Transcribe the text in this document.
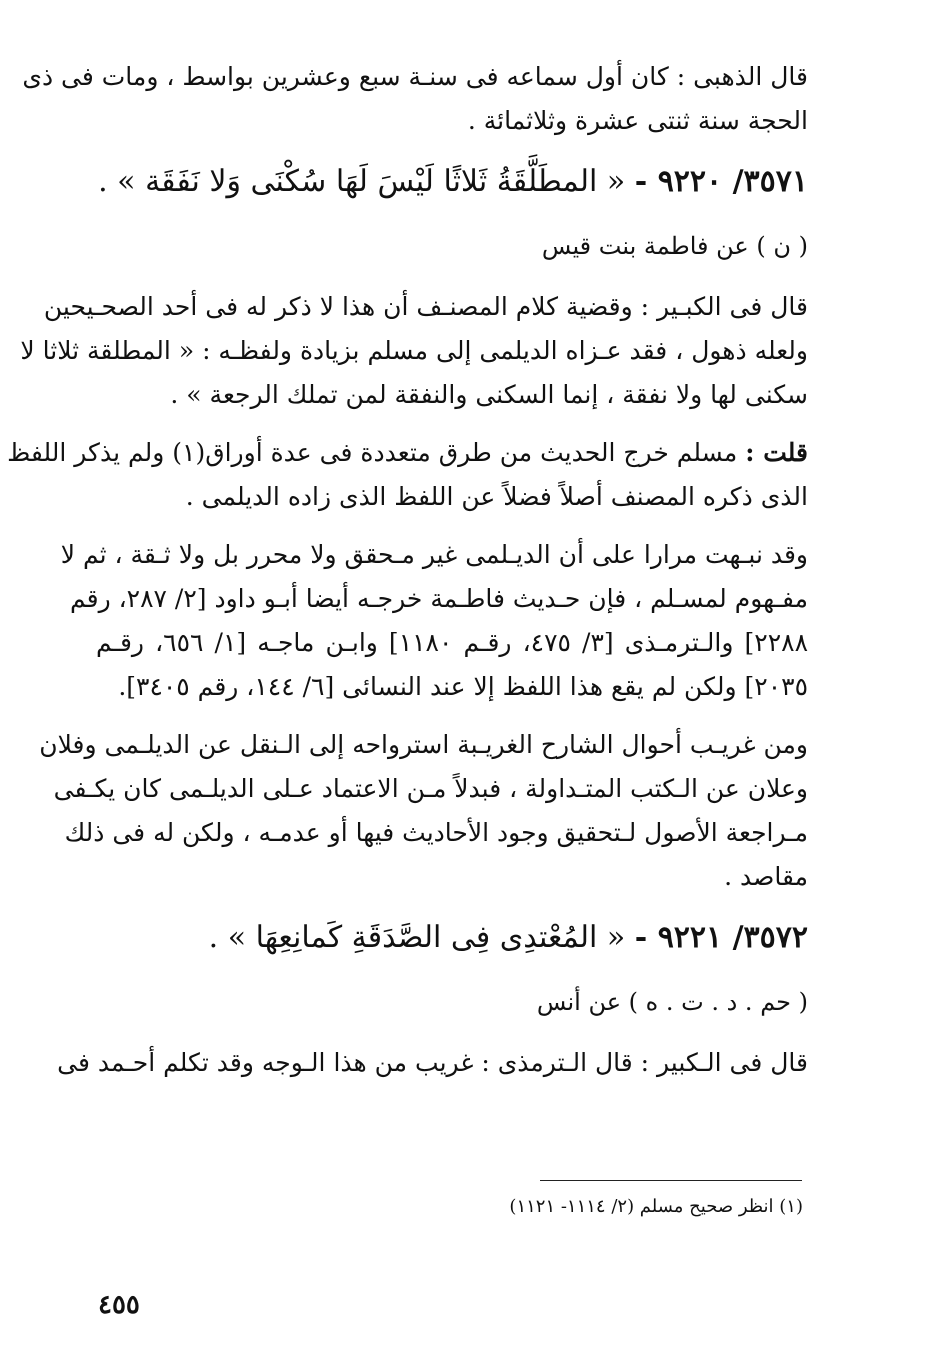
قال الذهبى : كان أول سماعه فى سنـة سبع وعشرين بواسط ، ومات فى ذى
الحجة سنة ثنتى عشرة وثلاثمائة .
٣٥٧١/ ٩٢٢٠ - « المطَلَّقَةُ ثَلاثًا لَيْسَ لَهَا سُكْنَى وَلا نَفَقَة » .
( ن ) عن فاطمة بنت قيس
قال فى الكبـير : وقضية كلام المصنـف أن هذا لا ذكر له فى أحد الصحـيحين
ولعله ذهول ، فقد عـزاه الديلمى إلى مسلم بزيادة ولفظـه : « المطلقة ثلاثا لا
سكنى لها ولا نفقة ، إنما السكنى والنفقة لمن تملك الرجعة » .
قلت : مسلم خرج الحديث من طرق متعددة فى عدة أوراق(١) ولم يذكر اللفظ
الذى ذكره المصنف أصلاً فضلاً عن اللفظ الذى زاده الديلمى .
وقد نبـهت مرارا على أن الديـلمى غير مـحقق ولا محرر بل ولا ثـقة ، ثم لا
مفـهوم لمسـلم ، فإن حـديث فاطـمة خرجـه أيضا أبـو داود [٢/ ٢٨٧، رقم
٢٢٨٨] والـترمـذى [٣/ ٤٧٥، رقـم ١١٨٠] وابـن ماجـه [١/ ٦٥٦، رقـم
٢٠٣٥] ولكن لم يقع هذا اللفظ إلا عند النسائى [٦/ ١٤٤، رقم ٣٤٠٥].
ومن غريـب أحوال الشارح الغريـبة استرواحه إلى الـنقل عن الديلـمى وفلان
وعلان عن الـكتب المتـداولة ، فبدلاً مـن الاعتماد عـلى الديلـمى كان يكـفى
مـراجعة الأصول لـتحقيق وجود الأحاديث فيها أو عدمـه ، ولكن له فى ذلك
مقاصد .
٣٥٧٢/ ٩٢٢١ - « المُعْتدِى فِى الصَّدَقَةِ كَمانِعِهَا » .
( حم . د . ت . ه ) عن أنس
قال فى الـكبير : قال الـترمذى : غريب من هذا الـوجه وقد تكلم أحـمد فى
(١) انظر صحيح مسلم (٢/ ١١١٤- ١١٢١)
٤٥٥
